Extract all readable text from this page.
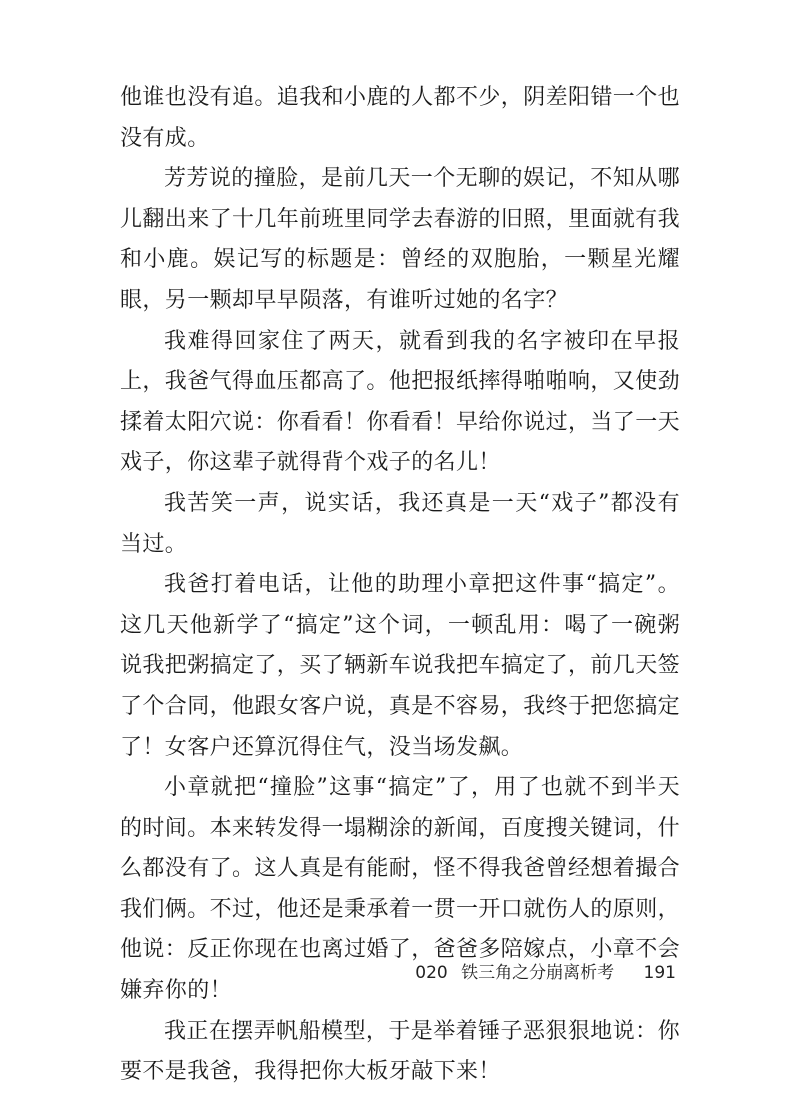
他谁也没有追。追我和小鹿的人都不少，阴差阳错一个也没有成。

芳芳说的撞脸，是前几天一个无聊的娱记，不知从哪儿翻出来了十几年前班里同学去春游的旧照，里面就有我和小鹿。娱记写的标题是：曾经的双胞胎，一颗星光耀眼，另一颗却早早陨落，有谁听过她的名字？

我难得回家住了两天，就看到我的名字被印在早报上，我爸气得血压都高了。他把报纸摔得啪啪响，又使劲揉着太阳穴说：你看看！你看看！早给你说过，当了一天戏子，你这辈子就得背个戏子的名儿！

我苦笑一声，说实话，我还真是一天“戏子”都没有当过。

我爸打着电话，让他的助理小章把这件事“搞定”。这几天他新学了“搞定”这个词，一顿乱用：喝了一碗粥说我把粥搞定了，买了辆新车说我把车搞定了，前几天签了个合同，他跟女客户说，真是不容易，我终于把您搞定了！女客户还算沉得住气，没当场发飙。

小章就把“撞脸”这事“搞定”了，用了也就不到半天的时间。本来转发得一塌糊涂的新闻，百度搜关键词，什么都没有了。这人真是有能耐，怪不得我爸曾经想着撮合我们俩。不过，他还是秉承着一贯一开口就伤人的原则，他说：反正你现在也离过婚了，爸爸多陪嫁点，小章不会嫌弃你的！

我正在摆弄帆船模型，于是举着锤子恶狠狠地说：你要不是我爸，我得把你大板牙敲下来！

020 铁三角之分崩离析考 191
